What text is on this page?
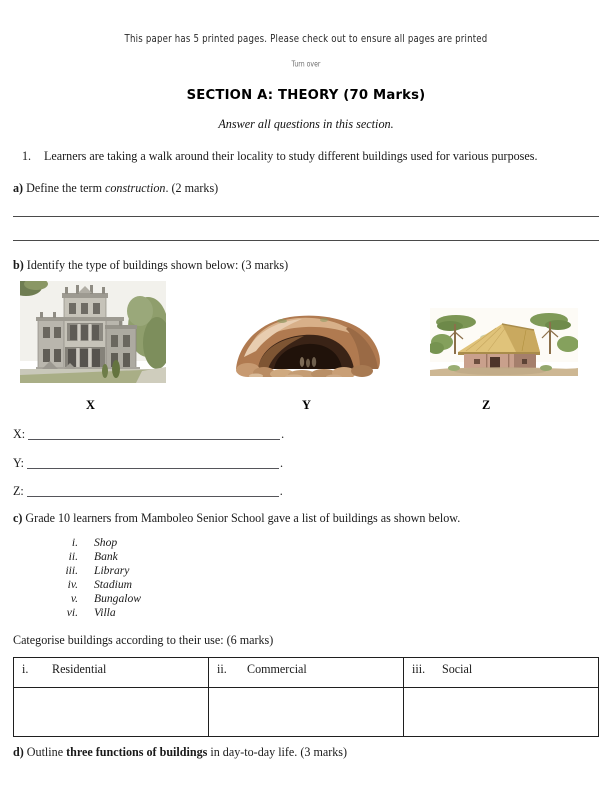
This paper has 5 printed pages. Please check out to ensure all pages are printed
Turn over
SECTION A: THEORY (70 Marks)
Answer all questions in this section.
1. Learners are taking a walk around their locality to study different buildings used for various purposes.
a) Define the term construction. (2 marks)
b) Identify the type of buildings shown below: (3 marks)
X	Y	Z
X:	.
Y:	.
Z:	.
c) Grade 10 learners from Mamboleo Senior School gave a list of buildings as shown below.
i. Shop
ii. Bank
iii. Library
iv. Stadium
v. Bungalow
vi. Villa
Categorise buildings according to their use: (6 marks)
i. Residential	ii. Commercial	iii. Social

d) Outline three functions of buildings in day-to-day life. (3 marks)
